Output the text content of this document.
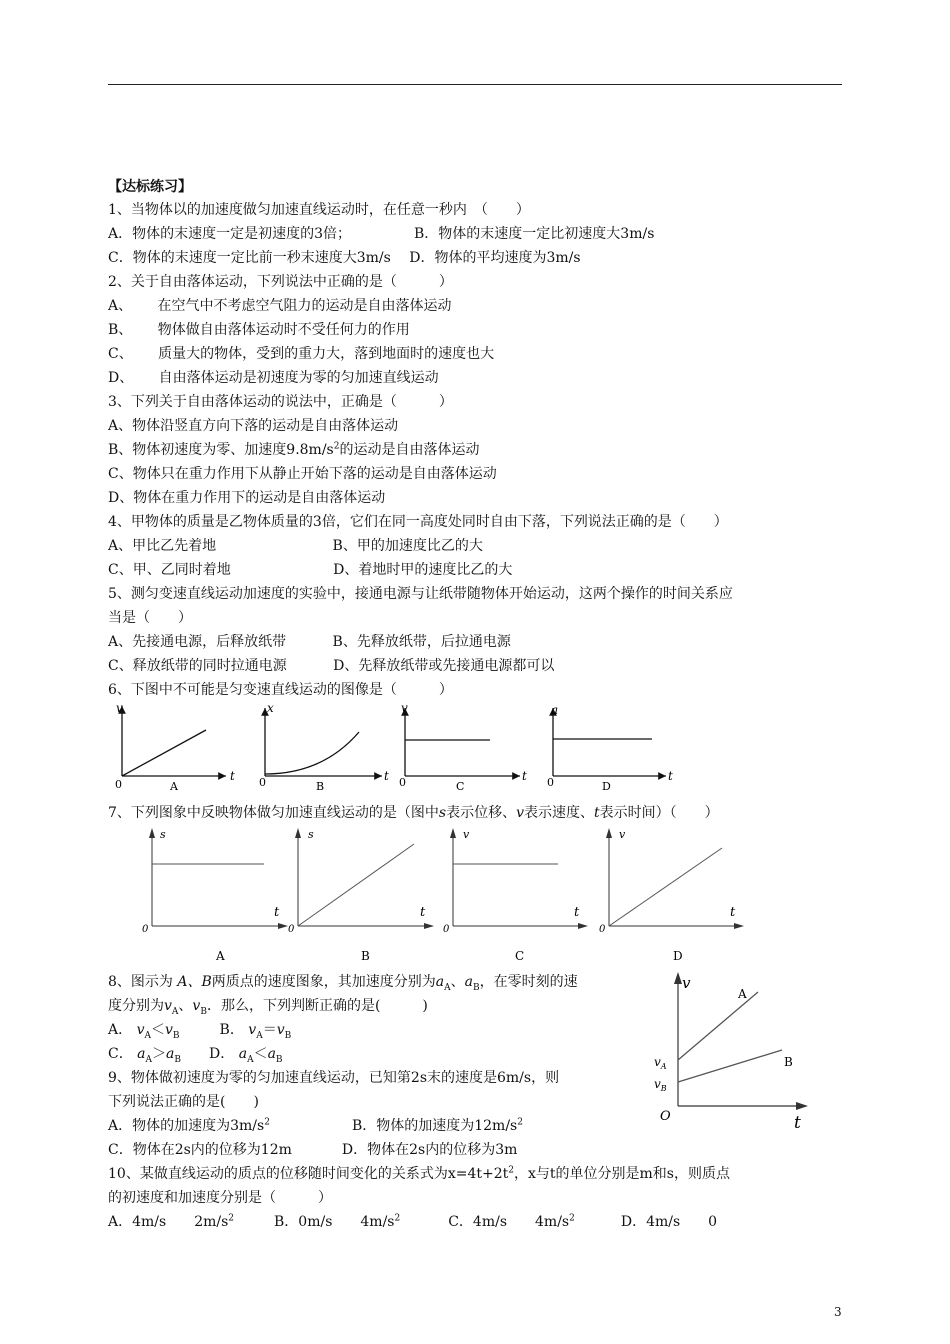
【达标练习】
1、当物体以的加速度做匀加速直线运动时，在任意一秒内　（　　）
A．物体的末速度一定是初速度的3倍；　　　　　B．物体的末速度一定比初速度大3m/s
C．物体的末速度一定比前一秒末速度大3m/s　 D．物体的平均速度为3m/s
2、关于自由落体运动，下列说法中正确的是（　　　）
A、　　 在空气中不考虑空气阻力的运动是自由落体运动
B、　　 物体做自由落体运动时不受任何力的作用
C、　　 质量大的物体，受到的重力大，落到地面时的速度也大
D、　　 自由落体运动是初速度为零的匀加速直线运动
3、下列关于自由落体运动的说法中，正确是（　　　）
A、物体沿竖直方向下落的运动是自由落体运动
B、物体初速度为零、加速度$9.8m/s^2$的运动是自由落体运动
C、物体只在重力作用下从静止开始下落的运动是自由落体运动
D、物体在重力作用下的运动是自由落体运动
4、甲物体的质量是乙物体质量的3倍，它们在同一高度处同时自由下落，下列说法正确的是（　　）
A、甲比乙先着地　　　　　　　　 B、甲的加速度比乙的大
C、甲、乙同时着地　　　　　　　 D、着地时甲的速度比乙的大
5、测匀变速直线运动加速度的实验中，接通电源与让纸带随物体开始运动，这两个操作的时间关系应
当是（　　）
A、先接通电源，后释放纸带　　　 B、先释放纸带，后拉通电源
C、释放纸带的同时拉通电源　　　 D、先释放纸带或先接通电源都可以
6、下图中不可能是匀变速直线运动的图像是（　　　）
v
t
0	A
x
t
0	B
v
t
0	C
a
t
0	D
7、下列图象中反映物体做匀加速直线运动的是（图中s表示位移、v表示速度、t表示时间）（　　）
s
t
0
A
s
t
0
B
v
t
0
C
v
t
0
D
8、图示为 A、B两质点的速度图象，其加速度分别为$a_A$、$a_B$，在零时刻的速
度分别为$v_A$、$v_B$．那么，下列判断正确的是(　　　)
A． $v_A<v_B$	B． $v_A=v_B$
C． $a_A>a_B$ D． $a_A<a_B$
v
t
O
A
B
$v_A$
$v_B$
9、物体做初速度为零的匀加速直线运动，已知第2s末的速度是6m/s，则
下列说法正确的是(　　)
A．物体的加速度为$3m/s^2$	B．物体的加速度为$12m/s^2$
C．物体在2s内的位移为12m	D．物体在2s内的位移为3m
10、某做直线运动的质点的位移随时间变化的关系式为$x=4t+2t^2$，x与t的单位分别是m和s，则质点
的初速度和加速度分别是（　　　）
A．4m/s　　$2m/s^2$	B．0m/s　　$4m/s^2$	C．4m/s　　$4m/s^2$	D．4m/s　　0
3
